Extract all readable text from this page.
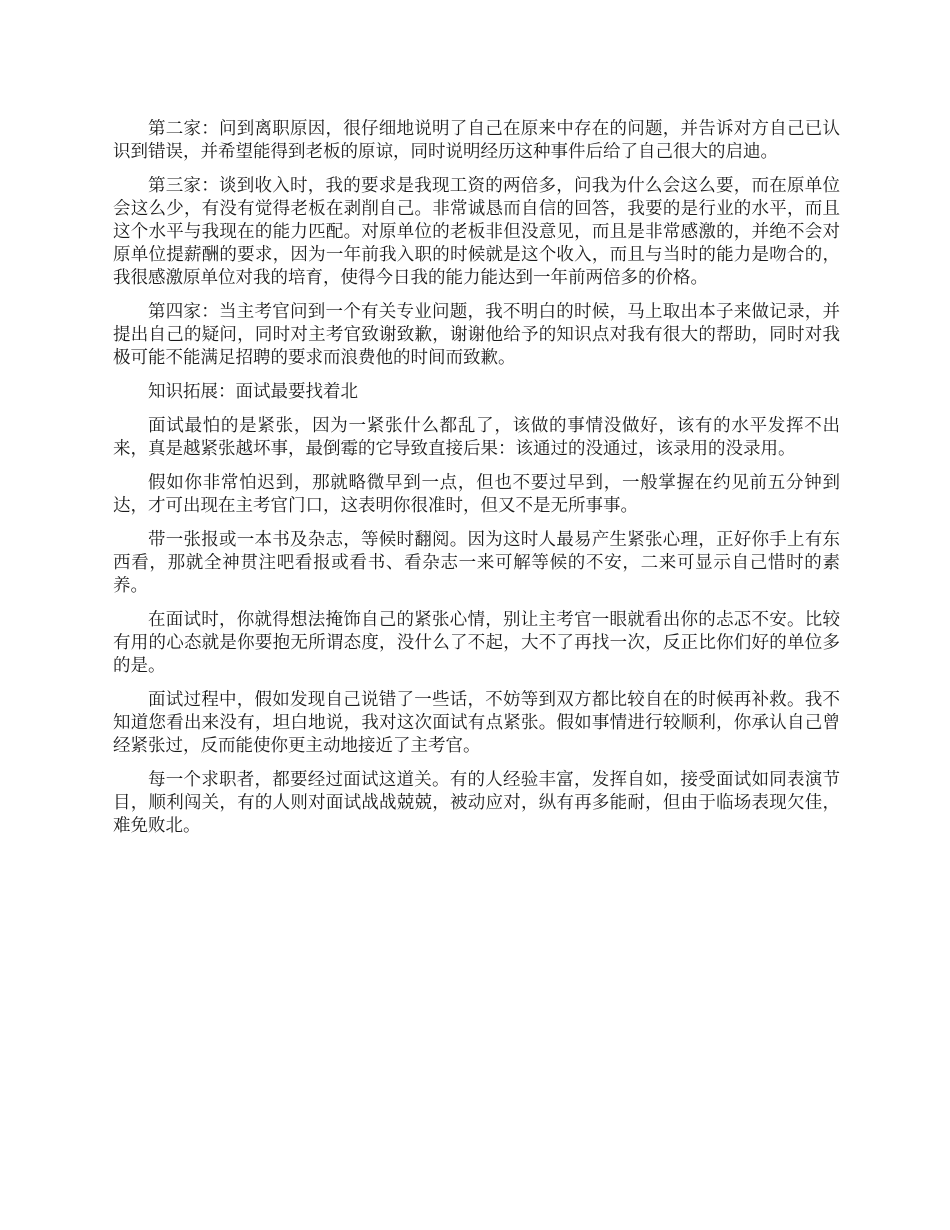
第二家：问到离职原因，很仔细地说明了自己在原来中存在的问题，并告诉对方自己已认识到错误，并希望能得到老板的原谅，同时说明经历这种事件后给了自己很大的启迪。

第三家：谈到收入时，我的要求是我现工资的两倍多，问我为什么会这么要，而在原单位会这么少，有没有觉得老板在剥削自己。非常诚恳而自信的回答，我要的是行业的水平，而且这个水平与我现在的能力匹配。对原单位的老板非但没意见，而且是非常感激的，并绝不会对原单位提薪酬的要求，因为一年前我入职的时候就是这个收入，而且与当时的能力是吻合的，我很感激原单位对我的培育，使得今日我的能力能达到一年前两倍多的价格。

第四家：当主考官问到一个有关专业问题，我不明白的时候，马上取出本子来做记录，并提出自己的疑问，同时对主考官致谢致歉，谢谢他给予的知识点对我有很大的帮助，同时对我极可能不能满足招聘的要求而浪费他的时间而致歉。

知识拓展：面试最要找着北

面试最怕的是紧张，因为一紧张什么都乱了，该做的事情没做好，该有的水平发挥不出来，真是越紧张越坏事，最倒霉的它导致直接后果：该通过的没通过，该录用的没录用。

假如你非常怕迟到，那就略微早到一点，但也不要过早到，一般掌握在约见前五分钟到达，才可出现在主考官门口，这表明你很准时，但又不是无所事事。

带一张报或一本书及杂志，等候时翻阅。因为这时人最易产生紧张心理，正好你手上有东西看，那就全神贯注吧看报或看书、看杂志一来可解等候的不安，二来可显示自己惜时的素养。

在面试时，你就得想法掩饰自己的紧张心情，别让主考官一眼就看出你的忐忑不安。比较有用的心态就是你要抱无所谓态度，没什么了不起，大不了再找一次，反正比你们好的单位多的是。

面试过程中，假如发现自己说错了一些话，不妨等到双方都比较自在的时候再补救。我不知道您看出来没有，坦白地说，我对这次面试有点紧张。假如事情进行较顺利，你承认自己曾经紧张过，反而能使你更主动地接近了主考官。

每一个求职者，都要经过面试这道关。有的人经验丰富，发挥自如，接受面试如同表演节目，顺利闯关，有的人则对面试战战兢兢，被动应对，纵有再多能耐，但由于临场表现欠佳，难免败北。
